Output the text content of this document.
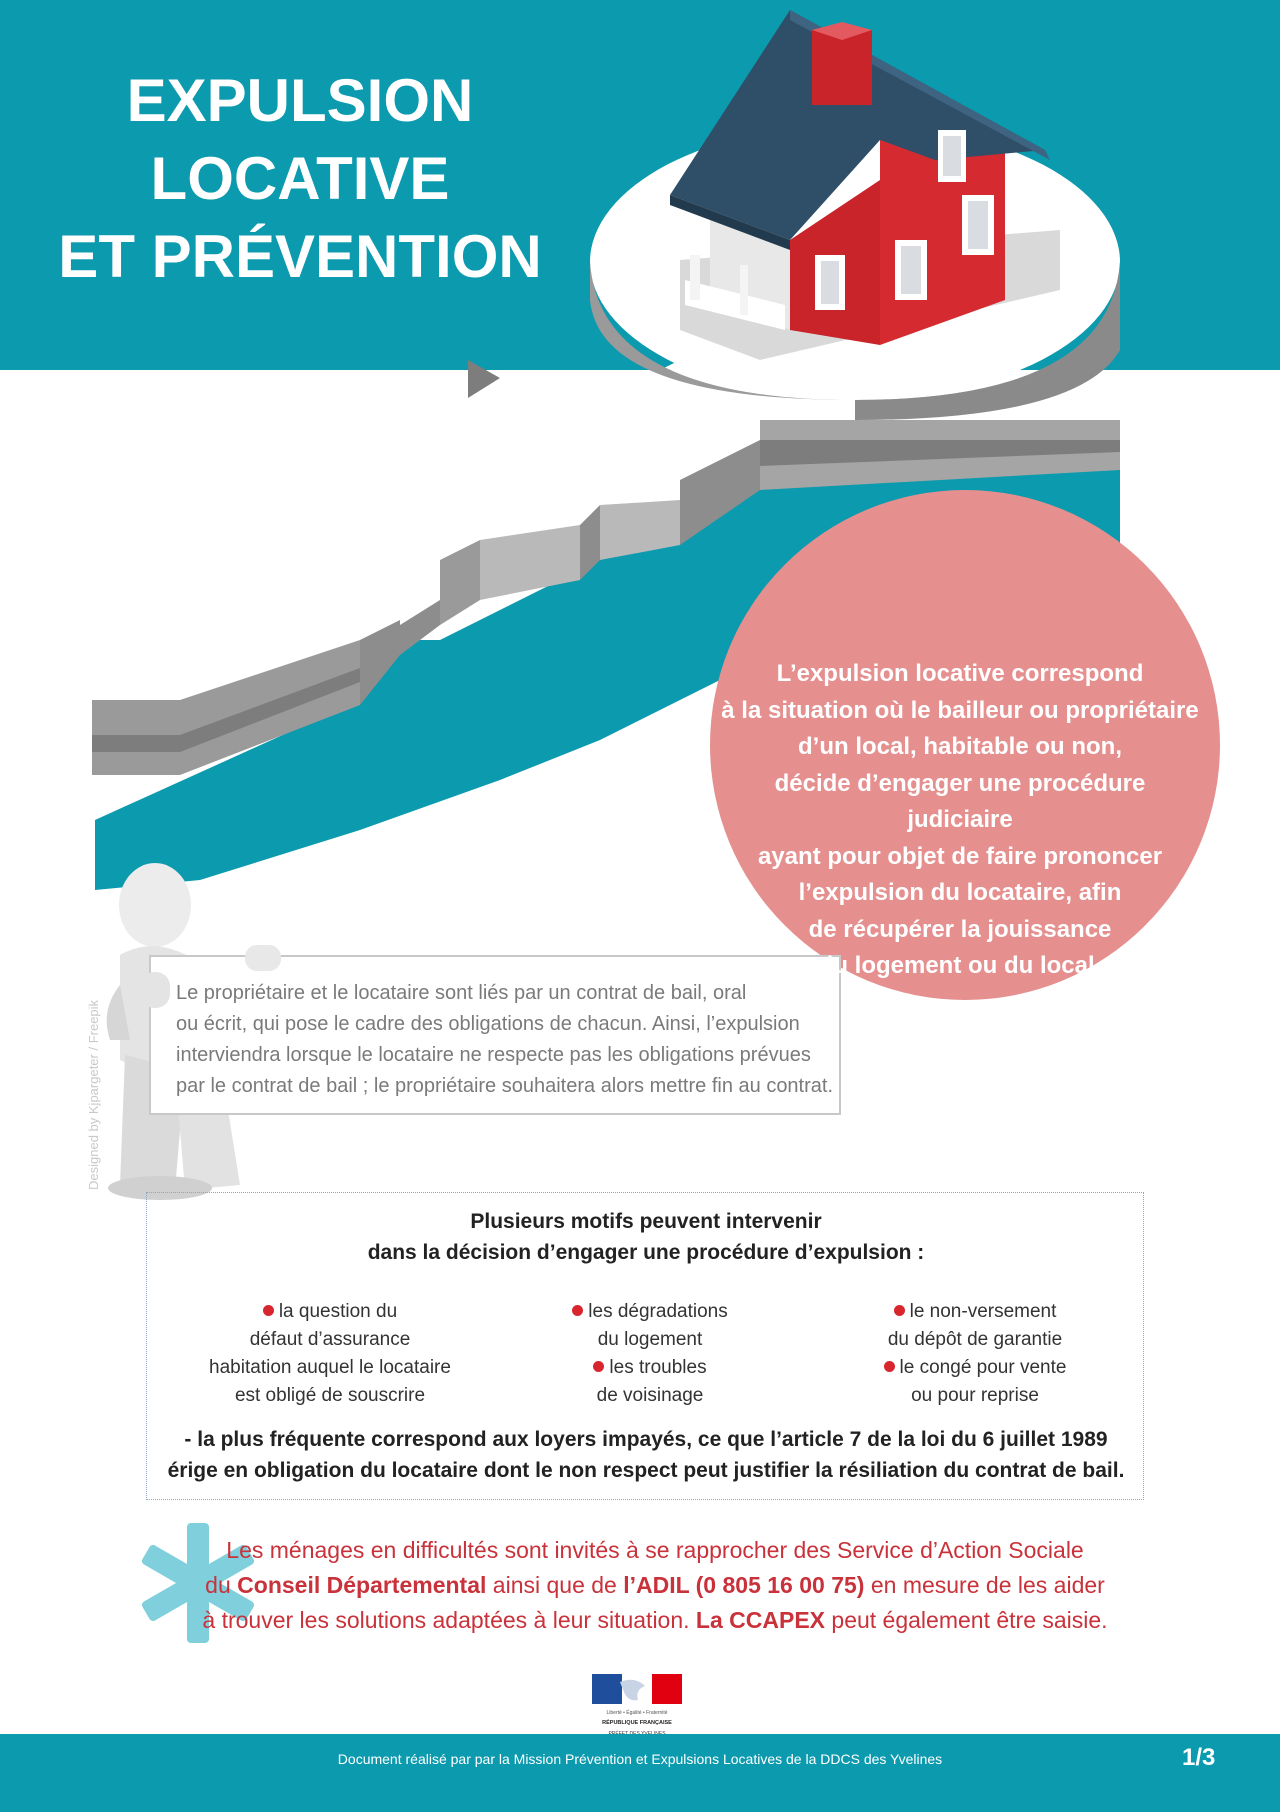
EXPULSION
LOCATIVE
ET PRÉVENTION
L’expulsion locative correspond
à la situation où le bailleur ou propriétaire
d’un local, habitable ou non,
décide d’engager une procédure judiciaire
ayant pour objet de faire prononcer
l’expulsion du locataire, afin
de récupérer la jouissance
du logement ou du local.
Le propriétaire et le locataire sont liés par un contrat de bail, oral
ou écrit, qui pose le cadre des obligations de chacun. Ainsi, l’expulsion
interviendra lorsque le locataire ne respecte pas les obligations prévues
par le contrat de bail ; le propriétaire souhaitera alors mettre fin au contrat.
Designed by Kjpargeter / Freepik
Plusieurs motifs peuvent intervenir
dans la décision d’engager une procédure d’expulsion :
la question du
défaut d’assurance
habitation auquel le locataire
est obligé de souscrire
les dégradations
du logement
les troubles
de voisinage
le non-versement
du dépôt de garantie
le congé pour vente
ou pour reprise
- la plus fréquente correspond aux loyers impayés, ce que l’article 7 de la loi du 6 juillet 1989
érige en obligation du locataire dont le non respect peut justifier la résiliation du contrat de bail.
Les ménages en difficultés sont invités à se rapprocher des Service d’Action Sociale
du Conseil Départemental ainsi que de l’ADIL (0 805 16 00 75) en mesure de les aider
à trouver les solutions adaptées à leur situation. La CCAPEX peut également être saisie.
Liberté • Égalité • Fraternité
RÉPUBLIQUE FRANÇAISE
Document réalisé par par la Mission Prévention et Expulsions Locatives de la DDCS des Yvelines	1/3
